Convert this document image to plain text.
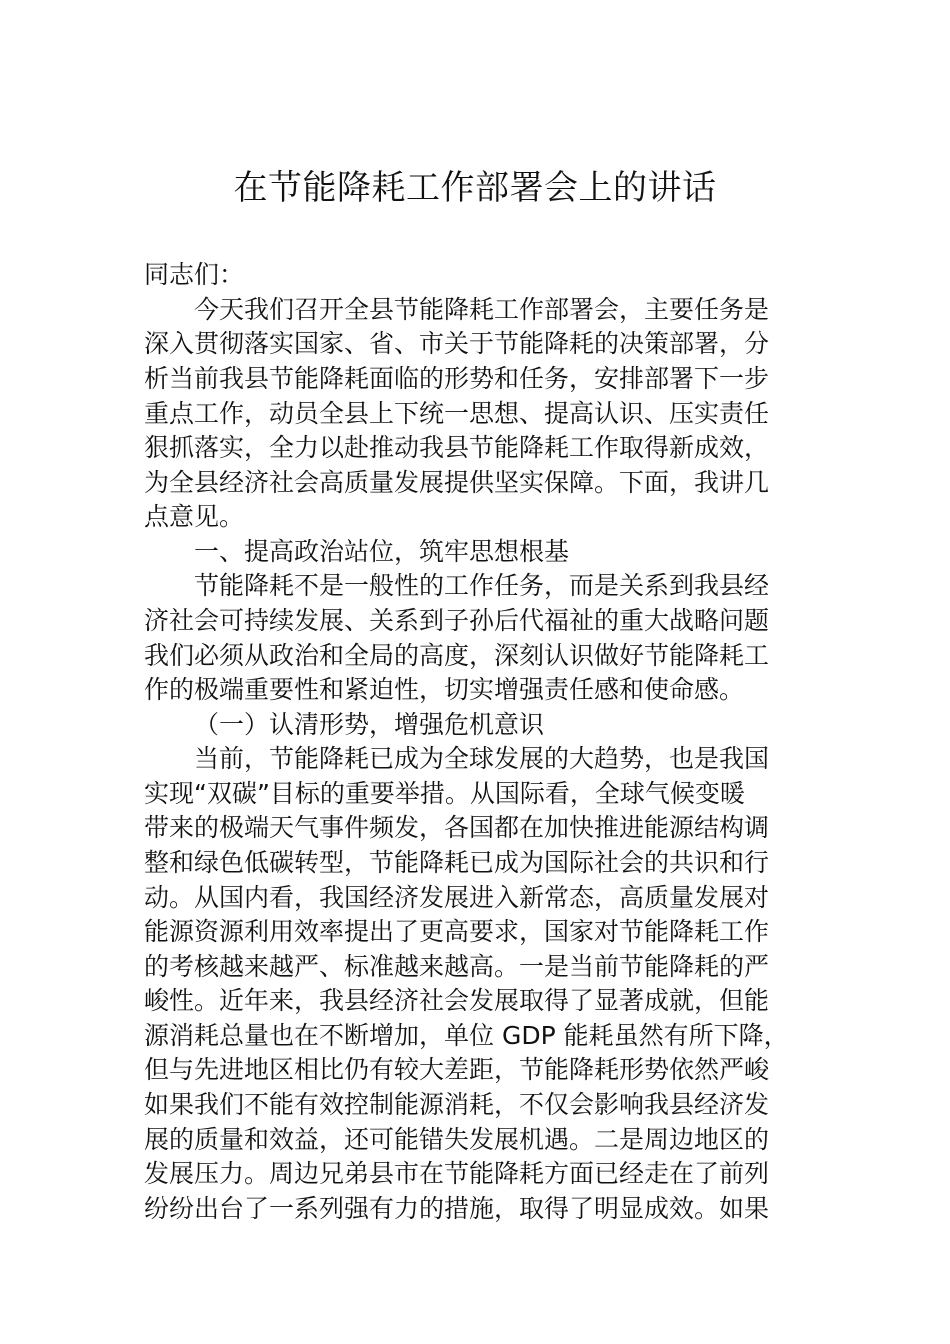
在节能降耗工作部署会上的讲话
同志们：
今天我们召开全县节能降耗工作部署会，主要任务是
深入贯彻落实国家、省、市关于节能降耗的决策部署，分
析当前我县节能降耗面临的形势和任务，安排部署下一步
重点工作，动员全县上下统一思想、提高认识、压实责任
狠抓落实，全力以赴推动我县节能降耗工作取得新成效，
为全县经济社会高质量发展提供坚实保障。下面，我讲几
点意见。
一、提高政治站位，筑牢思想根基
节能降耗不是一般性的工作任务，而是关系到我县经
济社会可持续发展、关系到子孙后代福祉的重大战略问题
我们必须从政治和全局的高度，深刻认识做好节能降耗工
作的极端重要性和紧迫性，切实增强责任感和使命感。
（一）认清形势，增强危机意识
当前，节能降耗已成为全球发展的大趋势，也是我国
实现“双碳”目标的重要举措。从国际看，全球气候变暖
带来的极端天气事件频发，各国都在加快推进能源结构调
整和绿色低碳转型，节能降耗已成为国际社会的共识和行
动。从国内看，我国经济发展进入新常态，高质量发展对
能源资源利用效率提出了更高要求，国家对节能降耗工作
的考核越来越严、标准越来越高。一是当前节能降耗的严
峻性。近年来，我县经济社会发展取得了显著成就，但能
源消耗总量也在不断增加，单位 GDP 能耗虽然有所下降，
但与先进地区相比仍有较大差距，节能降耗形势依然严峻
如果我们不能有效控制能源消耗，不仅会影响我县经济发
展的质量和效益，还可能错失发展机遇。二是周边地区的
发展压力。周边兄弟县市在节能降耗方面已经走在了前列
纷纷出台了一系列强有力的措施，取得了明显成效。如果
